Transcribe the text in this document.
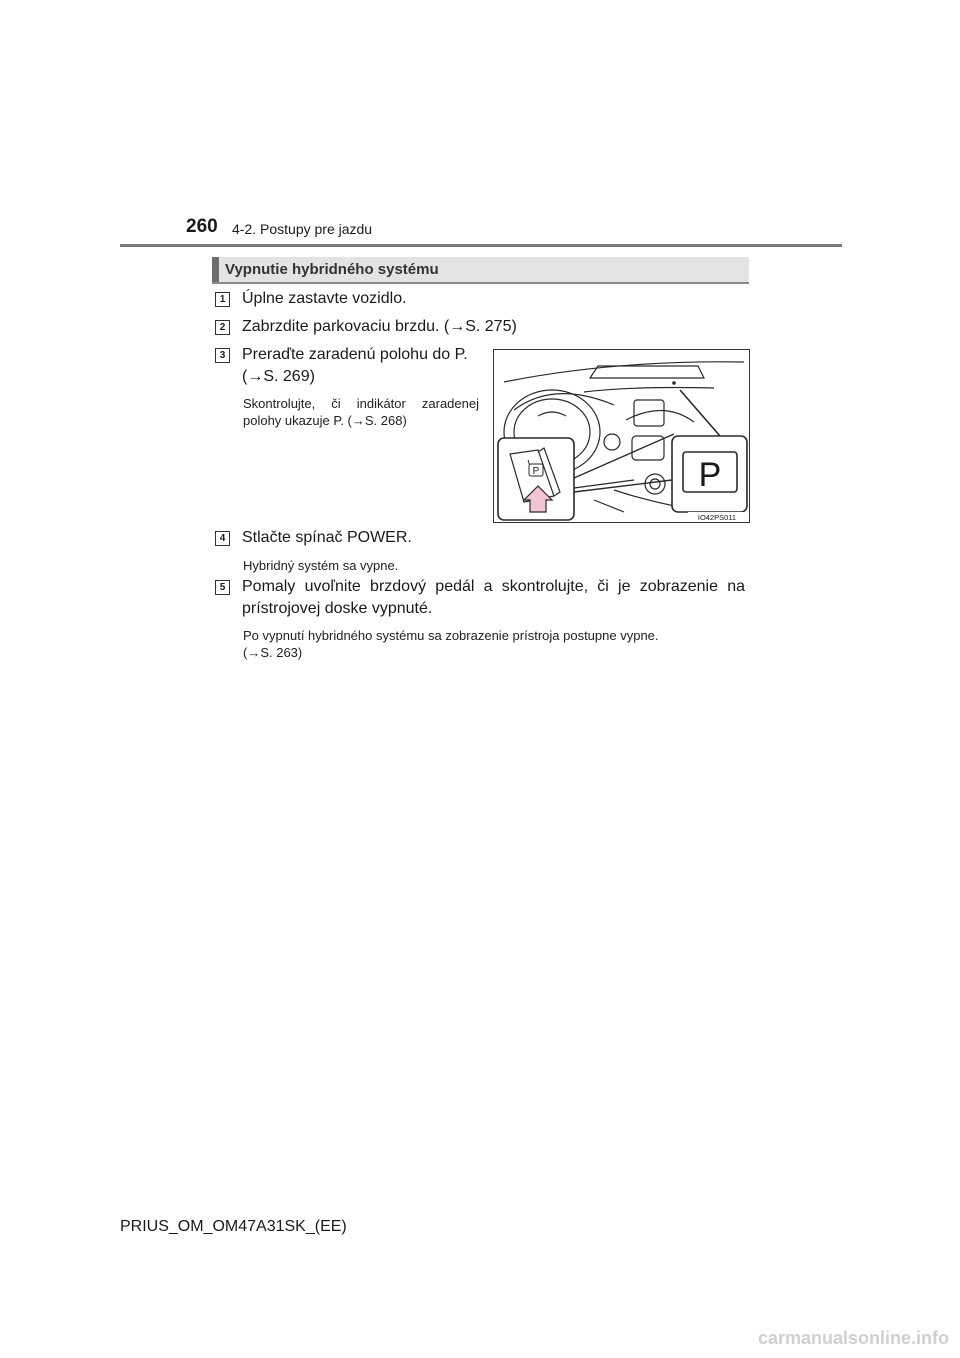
260 4-2. Postupy pre jazdu
Vypnutie hybridného systému
1 Úplne zastavte vozidlo.
2 Zabrzdite parkovaciu brzdu. (→S. 275)
3 Preraďte zaradenú polohu do P.
(→S. 269)
Skontrolujte, či indikátor zaradenej
polohy ukazuje P. (→S. 268)
P	P
IO42PS011
4 Stlačte spínač POWER.
Hybridný systém sa vypne.
5 Pomaly uvoľnite brzdový pedál a skontrolujte, či je zobrazenie na
prístrojovej doske vypnuté.
Po vypnutí hybridného systému sa zobrazenie prístroja postupne vypne.
(→S. 263)
PRIUS_OM_OM47A31SK_(EE)
carmanualsonline.info
